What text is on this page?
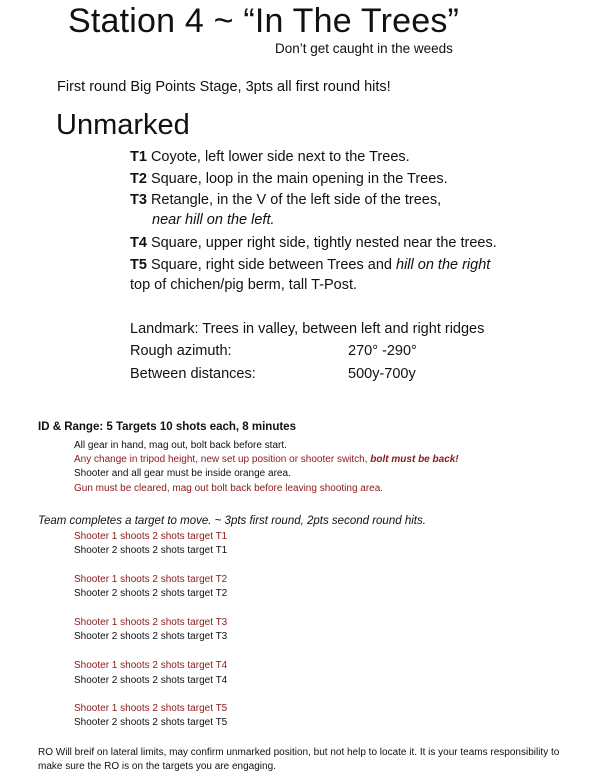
Station 4 ~ “In The Trees”
Don’t get caught in the weeds
First round Big Points Stage, 3pts all first round hits!
Unmarked
T1 Coyote, left lower side next to the Trees.
T2 Square, loop in the main opening in the Trees.
T3 Retangle, in the V of the left side of the trees,
near hill on the left.
T4 Square, upper right side, tightly nested near the trees.
T5 Square, right side between Trees and hill on the right
top of chichen/pig berm, tall T-Post.
Landmark: Trees in valley, between left and right ridges
Rough azimuth:	270° -290°
Between distances:	500y-700y
ID & Range: 5 Targets 10 shots each, 8 minutes
All gear in hand, mag out, bolt back before start.
Any change in tripod height, new set up position or shooter switch, bolt must be back!
Shooter and all gear must be inside orange area.
Gun must be cleared, mag out bolt back before leaving shooting area.
Team completes a target to move. ~ 3pts first round, 2pts second round hits.
Shooter 1 shoots 2 shots target T1
Shooter 2 shoots 2 shots target T1
Shooter 1 shoots 2 shots target T2
Shooter 2 shoots 2 shots target T2
Shooter 1 shoots 2 shots target T3
Shooter 2 shoots 2 shots target T3
Shooter 1 shoots 2 shots target T4
Shooter 2 shoots 2 shots target T4
Shooter 1 shoots 2 shots target T5
Shooter 2 shoots 2 shots target T5
RO Will breif on lateral limits, may confirm unmarked position, but not help to locate it. It is your teams responsibility to make sure the RO is on the targets you are engaging.
